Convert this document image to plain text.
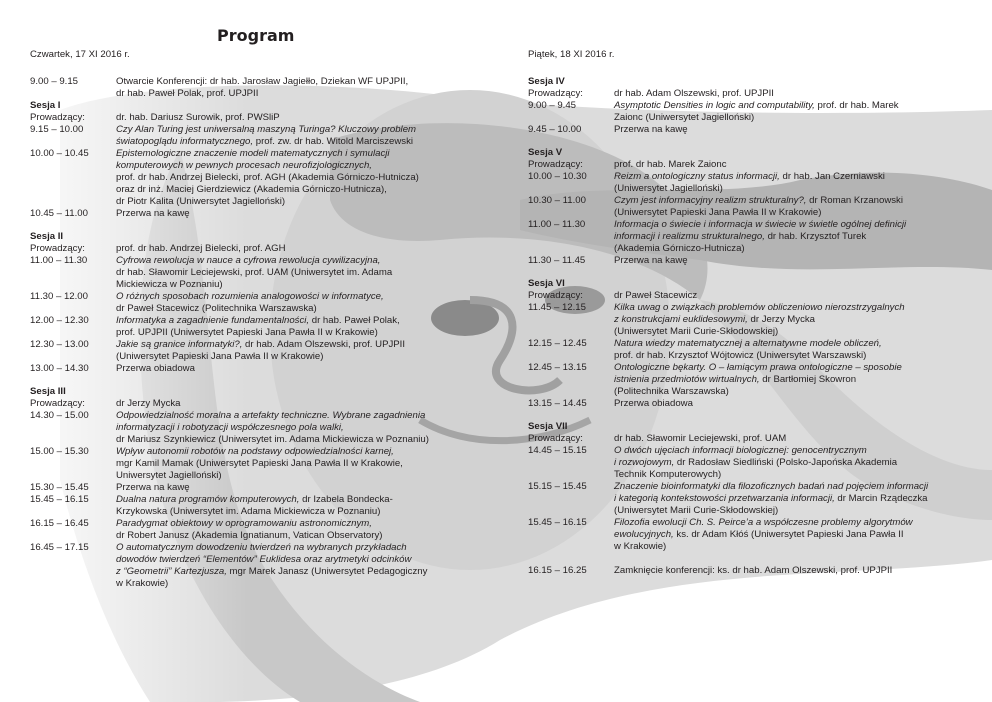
Program
Czwartek, 17 XI 2016 r.
9.00 – 9.15	Otwarcie Konferencji: dr hab. Jarosław Jagiełło, Dziekan WF UPJPII,
dr hab. Paweł Polak, prof. UPJPII
Sesja I
Prowadzący:	dr. hab. Dariusz Surowik, prof. PWSliP
9.15 – 10.00	Czy Alan Turing jest uniwersalną maszyną Turinga? Kluczowy problem
światopoglądu informatycznego, prof. zw. dr hab. Witold Marciszewski
10.00 – 10.45	Epistemologiczne znaczenie modeli matematycznych i symulacji
komputerowych w pewnych procesach neurofizjologicznych,
prof. dr hab. Andrzej Bielecki, prof. AGH (Akademia Górniczo-Hutnicza)
oraz dr inż. Maciej Gierdziewicz (Akademia Górniczo-Hutnicza),
dr Piotr Kalita (Uniwersytet Jagielloński)
10.45 – 11.00	Przerwa na kawę
Sesja II
Prowadzący:	prof. dr hab. Andrzej Bielecki, prof. AGH
11.00 – 11.30	Cyfrowa rewolucja w nauce a cyfrowa rewolucja cywilizacyjna,
dr hab. Sławomir Leciejewski, prof. UAM (Uniwersytet im. Adama
Mickiewicza w Poznaniu)
11.30 – 12.00	O różnych sposobach rozumienia analogowości w informatyce,
dr Paweł Stacewicz (Politechnika Warszawska)
12.00 – 12.30	Informatyka a zagadnienie fundamentalności, dr hab. Paweł Polak,
prof. UPJPII (Uniwersytet Papieski Jana Pawła II w Krakowie)
12.30 – 13.00	Jakie są granice informatyki?, dr hab. Adam Olszewski, prof. UPJPII
(Uniwersytet Papieski Jana Pawła II w Krakowie)
13.00 – 14.30	Przerwa obiadowa
Sesja III
Prowadzący:	dr Jerzy Mycka
14.30 – 15.00	Odpowiedzialność moralna a artefakty techniczne. Wybrane zagadnienia
informatyzacji i robotyzacji współczesnego pola walki,
dr Mariusz Szynkiewicz (Uniwersytet im. Adama Mickiewicza w Poznaniu)
15.00 – 15.30	Wpływ autonomii robotów na podstawy odpowiedzialności karnej,
mgr Kamil Mamak (Uniwersytet Papieski Jana Pawła II w Krakowie,
Uniwersytet Jagielloński)
15.30 – 15.45	Przerwa na kawę
15.45 – 16.15	Dualna natura programów komputerowych, dr Izabela Bondecka-
Krzykowska (Uniwersytet im. Adama Mickiewicza w Poznaniu)
16.15 – 16.45	Paradygmat obiektowy w oprogramowaniu astronomicznym,
dr Robert Janusz (Akademia Ignatianum, Vatican Observatory)
16.45 – 17.15	O automatycznym dowodzeniu twierdzeń na wybranych przykładach
dowodów twierdzeń “Elementów” Euklidesa oraz arytmetyki odcinków
z “Geometrii” Kartezjusza, mgr Marek Janasz (Uniwersytet Pedagogiczny
w Krakowie)
Piątek, 18 XI 2016 r.
Sesja IV
Prowadzący:	dr hab. Adam Olszewski, prof. UPJPII
9.00 – 9.45	Asymptotic Densities in logic and computability, prof. dr hab. Marek
Zaionc (Uniwersytet Jagielloński)
9.45 – 10.00	Przerwa na kawę
Sesja V
Prowadzący:	prof. dr hab. Marek Zaionc
10.00 – 10.30	Reizm a ontologiczny status informacji, dr hab. Jan Czerniawski
(Uniwersytet Jagielloński)
10.30 – 11.00	Czym jest informacyjny realizm strukturalny?, dr Roman Krzanowski
(Uniwersytet Papieski Jana Pawła II w Krakowie)
11.00 – 11.30	Informacja o świecie i informacja w świecie w świetle ogólnej definicji
informacji i realizmu strukturalnego, dr hab. Krzysztof Turek
(Akademia Górniczo-Hutnicza)
11.30 – 11.45	Przerwa na kawę
Sesja VI
Prowadzący:	dr Paweł Stacewicz
11.45 – 12.15	Kilka uwag o związkach problemów obliczeniowo nierozstrzygalnych
z konstrukcjami euklidesowymi, dr Jerzy Mycka
(Uniwersytet Marii Curie-Skłodowskiej)
12.15 – 12.45	Natura wiedzy matematycznej a alternatywne modele obliczeń,
prof. dr hab. Krzysztof Wójtowicz (Uniwersytet Warszawski)
12.45 – 13.15	Ontologiczne bękarty. O – łamiącym prawa ontologiczne – sposobie
istnienia przedmiotów wirtualnych, dr Bartłomiej Skowron
(Politechnika Warszawska)
13.15 – 14.45	Przerwa obiadowa
Sesja VII
Prowadzący:	dr hab. Sławomir Leciejewski, prof. UAM
14.45 – 15.15	O dwóch ujęciach informacji biologicznej: genocentrycznym
i rozwojowym, dr Radosław Siedliński (Polsko-Japońska Akademia
Technik Komputerowych)
15.15 – 15.45	Znaczenie bioinformatyki dla filozoficznych badań nad pojęciem informacji
i kategorią kontekstowości przetwarzania informacji, dr Marcin Rządeczka
(Uniwersytet Marii Curie-Skłodowskiej)
15.45 – 16.15	Filozofia ewolucji Ch. S. Peirce’a a współczesne problemy algorytmów
ewolucyjnych, ks. dr Adam Kłóś (Uniwersytet Papieski Jana Pawła II
w Krakowie)
16.15 – 16.25	Zamknięcie konferencji: ks. dr hab. Adam Olszewski, prof. UPJPII
